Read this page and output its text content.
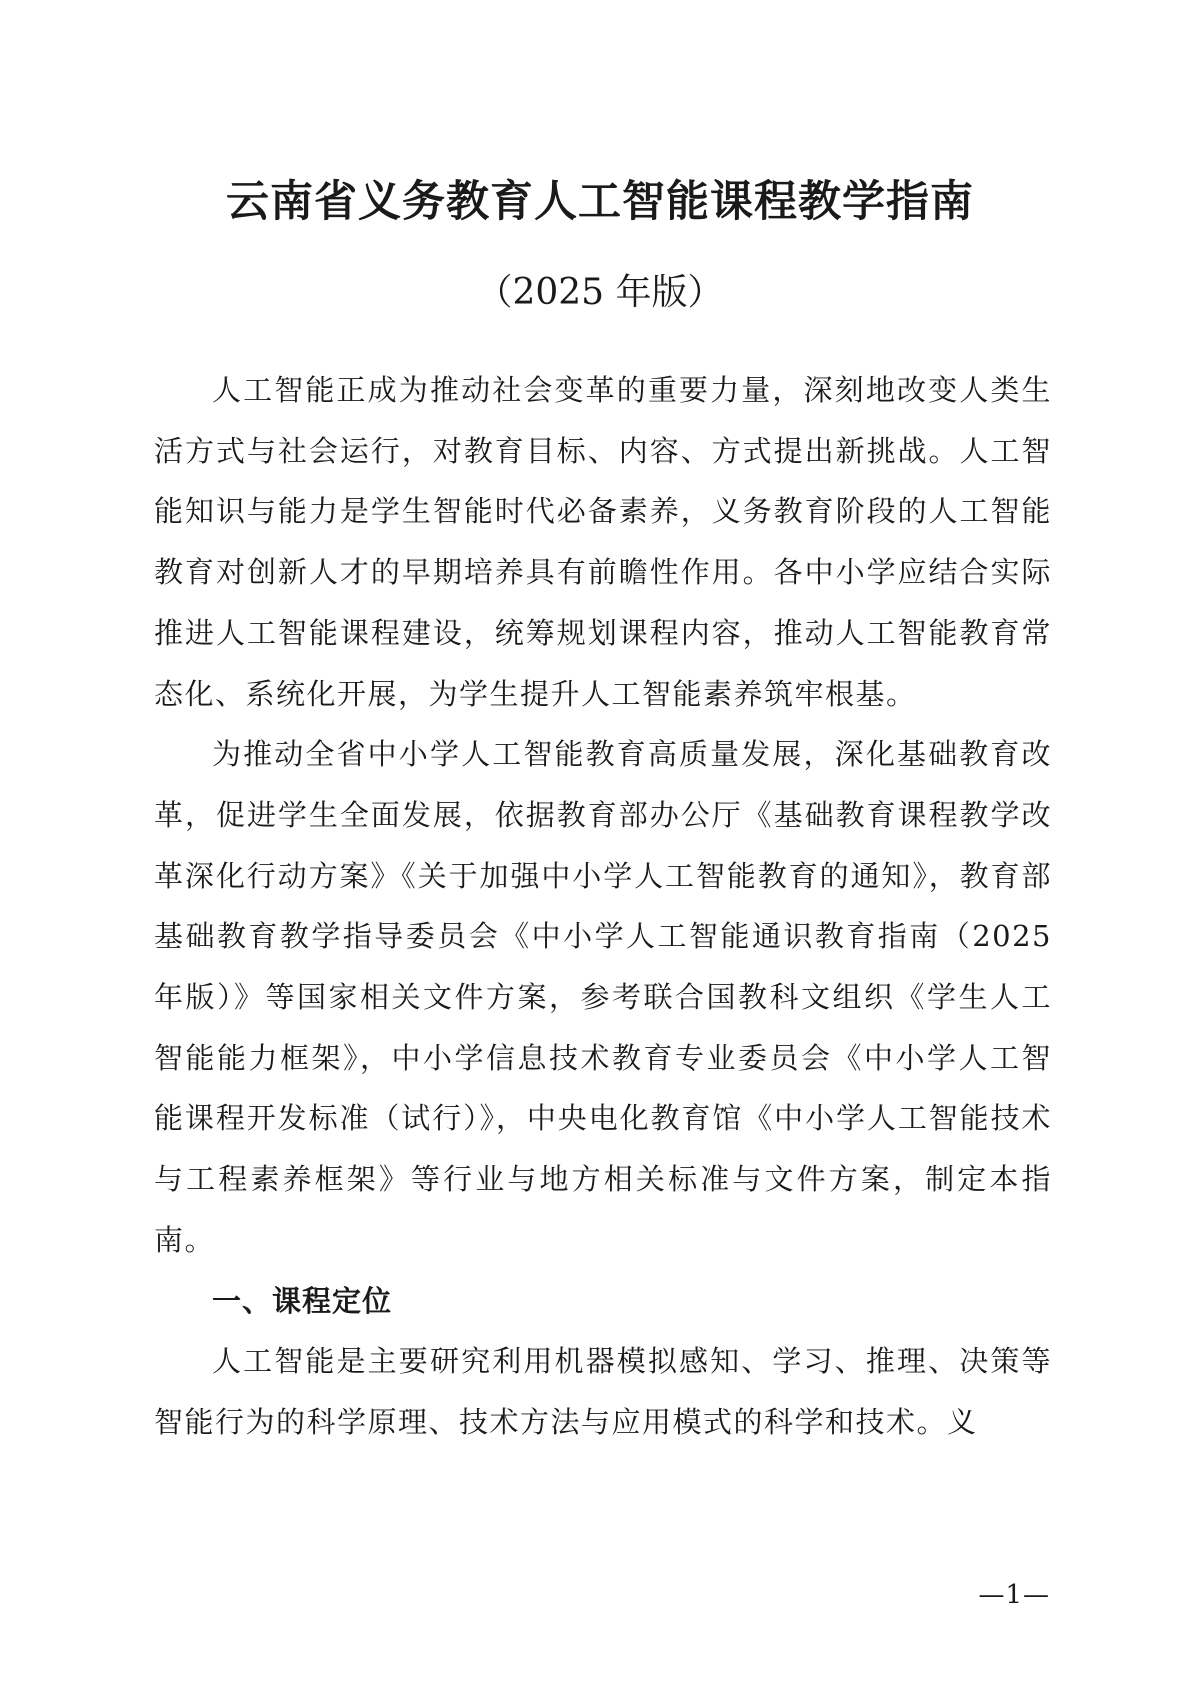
云南省义务教育人工智能课程教学指南

（2025 年版）

人工智能正成为推动社会变革的重要力量，深刻地改变人类生活方式与社会运行，对教育目标、内容、方式提出新挑战。人工智能知识与能力是学生智能时代必备素养，义务教育阶段的人工智能教育对创新人才的早期培养具有前瞻性作用。各中小学应结合实际推进人工智能课程建设，统筹规划课程内容，推动人工智能教育常态化、系统化开展，为学生提升人工智能素养筑牢根基。

为推动全省中小学人工智能教育高质量发展，深化基础教育改革，促进学生全面发展，依据教育部办公厅《基础教育课程教学改革深化行动方案》《关于加强中小学人工智能教育的通知》，教育部基础教育教学指导委员会《中小学人工智能通识教育指南（2025 年版）》等国家相关文件方案，参考联合国教科文组织《学生人工智能能力框架》，中小学信息技术教育专业委员会《中小学人工智能课程开发标准（试行）》，中央电化教育馆《中小学人工智能技术与工程素养框架》等行业与地方相关标准与文件方案，制定本指南。

一、课程定位

人工智能是主要研究利用机器模拟感知、学习、推理、决策等智能行为的科学原理、技术方法与应用模式的科学和技术。义

—1—
